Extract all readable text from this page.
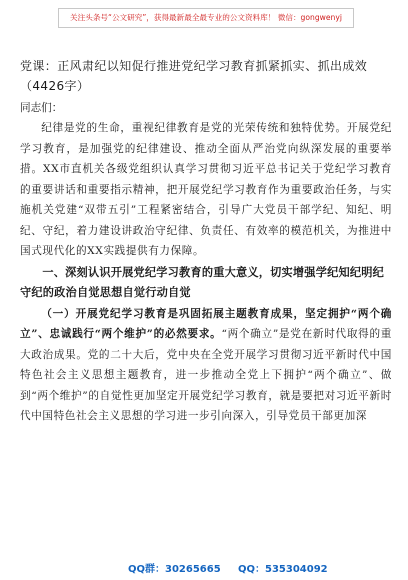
关注头条号“公文研究”，获得最新最全最专业的公文资料库！ 微信：gongwenyj
党课：正风肃纪以知促行推进党纪学习教育抓紧抓实、抓出成效（4426字）

同志们：

纪律是党的生命，重视纪律教育是党的光荣传统和独特优势。开展党纪学习教育，是加强党的纪律建设、推动全面从严治党向纵深发展的重要举措。XX市直机关各级党组织认真学习贯彻习近平总书记关于党纪学习教育的重要讲话和重要指示精神，把开展党纪学习教育作为重要政治任务，与实施机关党建“双带五引”工程紧密结合，引导广大党员干部学纪、知纪、明纪、守纪，着力建设讲政治守纪律、负责任、有效率的模范机关，为推进中国式现代化的XX实践提供有力保障。

一、深刻认识开展党纪学习教育的重大意义，切实增强学纪知纪明纪守纪的政治自觉思想自觉行动自觉

（一）开展党纪学习教育是巩固拓展主题教育成果，坚定拥护“两个确立”、忠诚践行“两个维护”的必然要求。“两个确立”是党在新时代取得的重大政治成果。党的二十大后，党中央在全党开展学习贯彻习近平新时代中国特色社会主义思想主题教育，进一步推动全党上下拥护“两个确立”、做到“两个维护”的自觉性更加坚定开展党纪学习教育，就是要把对习近平新时代中国特色社会主义思想的学习进一步引向深入，引导党员干部更加深

QQ群：30265665 QQ：535304092
